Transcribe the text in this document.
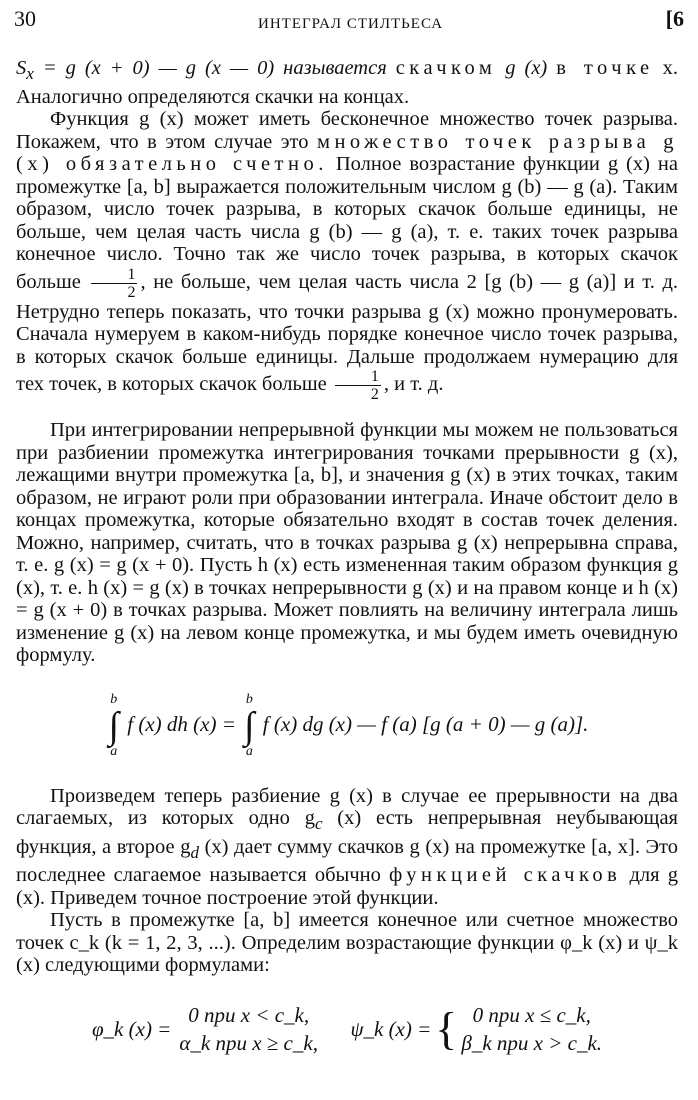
30	ИНТЕГРАЛ СТИЛТЬЕСА	[6

$S_x = g$ (x + 0) — g (x — 0) называется скачком g (x) в точке x. Аналогично определяются скачки на концах.

Функция g (x) может иметь бесконечное множество точек разрыва. Покажем, что в этом случае это множество точек разрыва g (x) обязательно счетно. Полное возрастание функции g (x) на промежутке [a, b] выражается положительным числом g (b) — g (a). Таким образом, число точек разрыва, в которых скачок больше единицы, не больше, чем целая часть числа g (b) — g (a), т. е. таких точек разрыва конечное число. Точно так же число точек разрыва, в которых скачок больше $\frac{1}{2}$ , не больше, чем целая часть числа 2 [g (b) — g (a)] и т. д. Нетрудно теперь показать, что точки разрыва g (x) можно пронумеровать. Сначала нумеруем в каком-нибудь порядке конечное число точек разрыва, в которых скачок больше единицы. Дальше продолжаем нумерацию для тех точек, в которых скачок больше $\frac{1}{2}$ , и т. д.

При интегрировании непрерывной функции мы можем не пользоваться при разбиении промежутка интегрирования точками прерывности g (x), лежащими внутри промежутка [a, b], и значения g (x) в этих точках, таким образом, не играют роли при образовании интеграла. Иначе обстоит дело в концах промежутка, которые обязательно входят в состав точек деления. Можно, например, считать, что в точках разрыва g (x) непрерывна справа, т. е. g (x) = g (x + 0). Пусть h (x) есть измененная таким образом функция g (x), т. е. h (x) = g (x) в точках непрерывности g (x) и на правом конце и h (x) = g (x + 0) в точках разрыва. Может повлиять на величину интеграла лишь изменение g (x) на левом конце промежутка, и мы будем иметь очевидную формулу.

b
∫
a
f (x) dh (x) =
b
∫
a
f (x) dg (x) — f (a) [g (a + 0) — g (a)].

Произведем теперь разбиение g (x) в случае ее прерывности на два слагаемых, из которых одно $g_c$ (x) есть непрерывная неубывающая функция, а второе $g_d$ (x) дает сумму скачков g (x) на промежутке [a, x]. Это последнее слагаемое называется обычно функцией скачков для g (x). Приведем точное построение этой функции.

Пусть в промежутке [a, b] имеется конечное или счетное множество точек c_k (k = 1, 2, 3, ...). Определим возрастающие функции φ_k (x) и ψ_k (x) следующими формулами:

φ_k (x) =
0 при x < c_k,
α_k при x ≥ c_k,

ψ_k (x) = { 0 при x ≤ c_k,
β_k при x > c_k.
